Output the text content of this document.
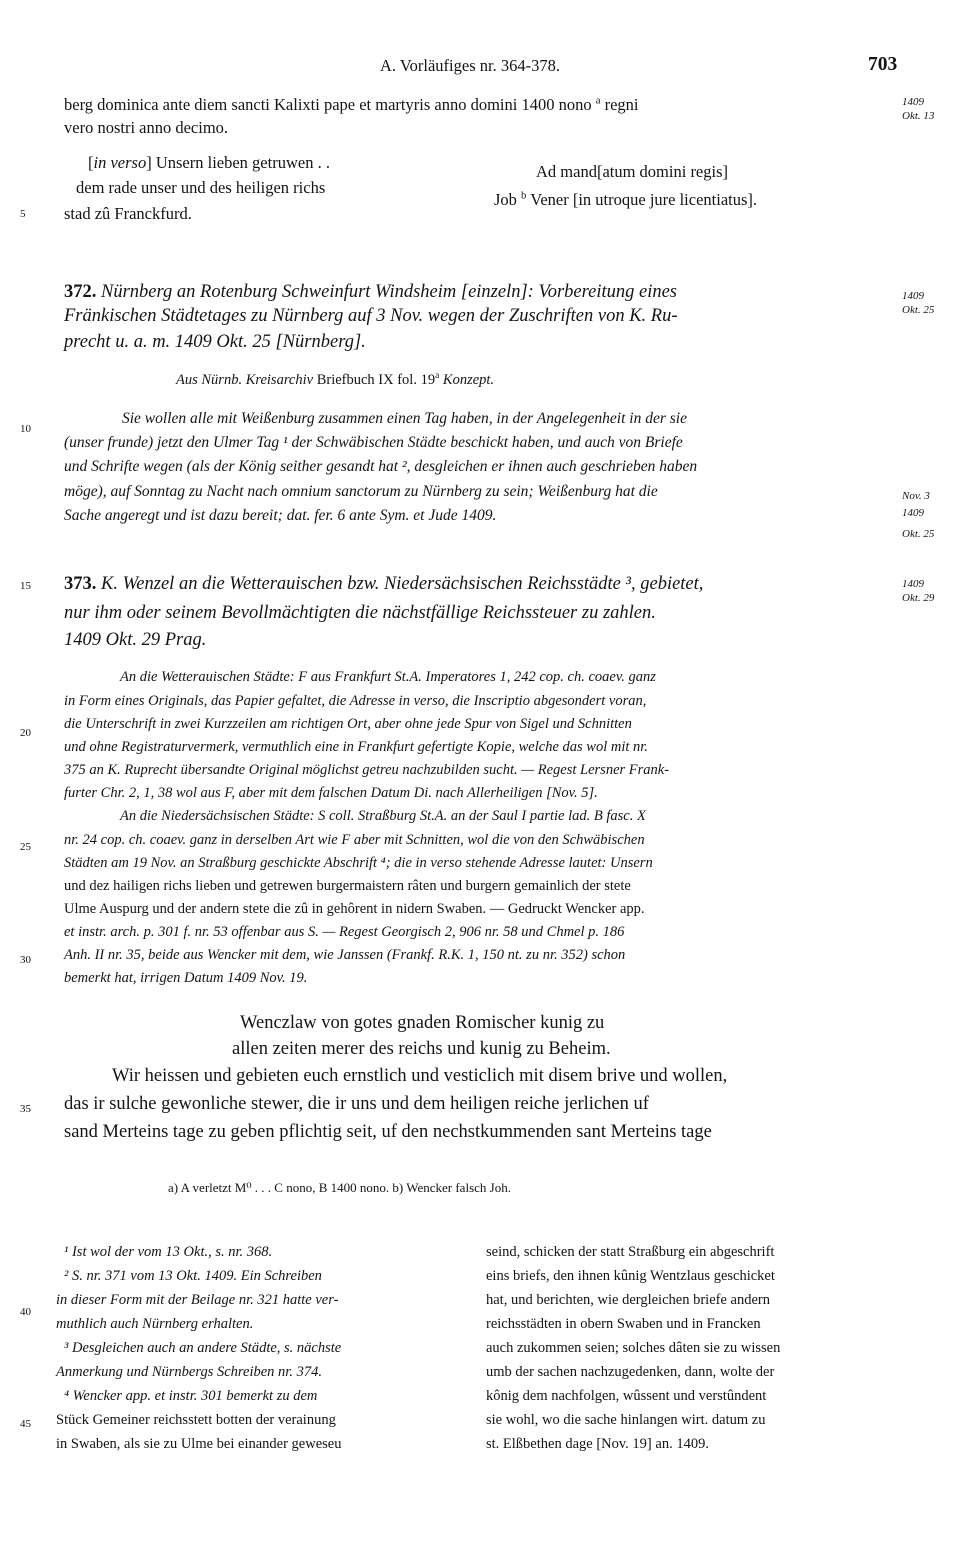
A. Vorläufiges nr. 364-378.	703
5
10
15
20
25
30
35
40
45
1409
Okt. 13
1409
Okt. 25
Nov. 3
1409
Okt. 25
1409
Okt. 29
berg dominica ante diem sancti Kalixti pape et martyris anno domini 1400 nono $^a$ regni
vero nostri anno decimo.
[in verso] Unsern lieben getruwen . .
dem rade unser und des heiligen richs
stad zû Franckfurd.
Ad mand[atum domini regis]
Job $^b$ Vener [in utroque jure licentiatus].
372. Nürnberg an Rotenburg Schweinfurt Windsheim [einzeln]: Vorbereitung eines
Fränkischen Städtetages zu Nürnberg auf 3 Nov. wegen der Zuschriften von K. Ru-
precht u. a. m. 1409 Okt. 25 [Nürnberg].
Aus Nürnb. Kreisarchiv Briefbuch IX fol. 19$^a$ Konzept.
Sie wollen alle mit Weißenburg zusammen einen Tag haben, in der Angelegenheit in der sie
(unser frunde) jetzt den Ulmer Tag ¹ der Schwäbischen Städte beschickt haben, und auch von Briefe
und Schrifte wegen (als der König seither gesandt hat ², desgleichen er ihnen auch geschrieben haben
möge), auf Sonntag zu Nacht nach omnium sanctorum zu Nürnberg zu sein; Weißenburg hat die
Sache angeregt und ist dazu bereit; dat. fer. 6 ante Sym. et Jude 1409.
373. K. Wenzel an die Wetterauischen bzw. Niedersächsischen Reichsstädte ³, gebietet,
nur ihm oder seinem Bevollmächtigten die nächstfällige Reichssteuer zu zahlen.
1409 Okt. 29 Prag.
An die Wetterauischen Städte: F aus Frankfurt St.A. Imperatores 1, 242 cop. ch. coaev. ganz
in Form eines Originals, das Papier gefaltet, die Adresse in verso, die Inscriptio abgesondert voran,
die Unterschrift in zwei Kurzzeilen am richtigen Ort, aber ohne jede Spur von Sigel und Schnitten
und ohne Registraturvermerk, vermuthlich eine in Frankfurt gefertigte Kopie, welche das wol mit nr.
375 an K. Ruprecht übersandte Original möglichst getreu nachzubilden sucht. — Regest Lersner Frank-
furter Chr. 2, 1, 38 wol aus F, aber mit dem falschen Datum Di. nach Allerheiligen [Nov. 5].
An die Niedersächsischen Städte: S coll. Straßburg St.A. an der Saul I partie lad. B fasc. X
nr. 24 cop. ch. coaev. ganz in derselben Art wie F aber mit Schnitten, wol die von den Schwäbischen
Städten am 19 Nov. an Straßburg geschickte Abschrift ⁴; die in verso stehende Adresse lautet: Unsern
und dez hailigen richs lieben und getrewen burgermaistern râten und burgern gemainlich der stete
Ulme Auspurg und der andern stete die zû in gehôrent in nidern Swaben. — Gedruckt Wencker app.
et instr. arch. p. 301 f. nr. 53 offenbar aus S. — Regest Georgisch 2, 906 nr. 58 und Chmel p. 186
Anh. II nr. 35, beide aus Wencker mit dem, wie Janssen (Frankf. R.K. 1, 150 nt. zu nr. 352) schon
bemerkt hat, irrigen Datum 1409 Nov. 19.
Wenczlaw von gotes gnaden Romischer kunig zu
allen zeiten merer des reichs und kunig zu Beheim.
Wir heissen und gebieten euch ernstlich und vesticlich mit disem brive und wollen,
das ir sulche gewonliche stewer, die ir uns und dem heiligen reiche jerlichen uf
sand Merteins tage zu geben pflichtig seit, uf den nechstkummenden sant Merteins tage
a) A verletzt M⁰ . . . C nono, B 1400 nono. b) Wencker falsch Joh.
¹ Ist wol der vom 13 Okt., s. nr. 368.
² S. nr. 371 vom 13 Okt. 1409. Ein Schreiben
in dieser Form mit der Beilage nr. 321 hatte ver-
muthlich auch Nürnberg erhalten.
³ Desgleichen auch an andere Städte, s. nächste
Anmerkung und Nürnbergs Schreiben nr. 374.
⁴ Wencker app. et instr. 301 bemerkt zu dem
Stück Gemeiner reichsstett botten der verainung
in Swaben, als sie zu Ulme bei einander geweseu
seind, schicken der statt Straßburg ein abgeschrift
eins briefs, den ihnen kûnig Wentzlaus geschicket
hat, und berichten, wie dergleichen briefe andern
reichsstädten in obern Swaben und in Francken
auch zukommen seien; solches dâten sie zu wissen
umb der sachen nachzugedenken, dann, wolte der
kônig dem nachfolgen, wûssent und verstûndent
sie wohl, wo die sache hinlangen wirt. datum zu
st. Elßbethen dage [Nov. 19] an. 1409.
